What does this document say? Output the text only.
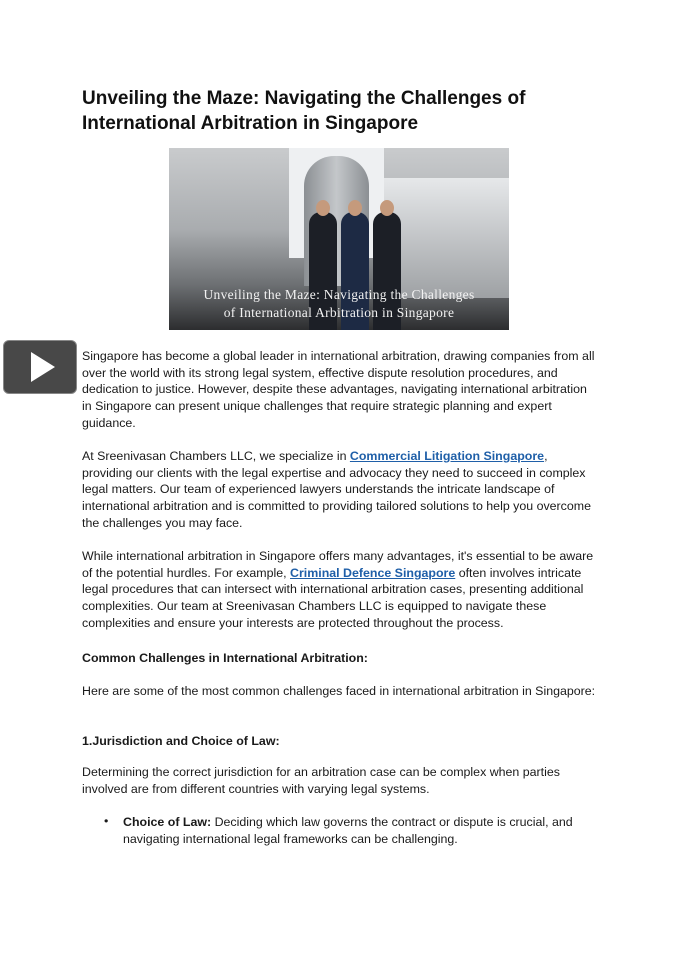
Unveiling the Maze: Navigating the Challenges of International Arbitration in Singapore
Unveiling the Maze: Navigating the Challenges
of International Arbitration in Singapore
Singapore has become a global leader in international arbitration, drawing companies from all over the world with its strong legal system, effective dispute resolution procedures, and dedication to justice. However, despite these advantages, navigating international arbitration in Singapore can present unique challenges that require strategic planning and expert guidance.
At Sreenivasan Chambers LLC, we specialize in Commercial Litigation Singapore, providing our clients with the legal expertise and advocacy they need to succeed in complex legal matters. Our team of experienced lawyers understands the intricate landscape of international arbitration and is committed to providing tailored solutions to help you overcome the challenges you may face.
While international arbitration in Singapore offers many advantages, it's essential to be aware of the potential hurdles. For example, Criminal Defence Singapore often involves intricate legal procedures that can intersect with international arbitration cases, presenting additional complexities. Our team at Sreenivasan Chambers LLC is equipped to navigate these complexities and ensure your interests are protected throughout the process.
Common Challenges in International Arbitration:
Here are some of the most common challenges faced in international arbitration in Singapore:
1.Jurisdiction and Choice of Law:
Determining the correct jurisdiction for an arbitration case can be complex when parties involved are from different countries with varying legal systems.
• Choice of Law: Deciding which law governs the contract or dispute is crucial, and navigating international legal frameworks can be challenging.
